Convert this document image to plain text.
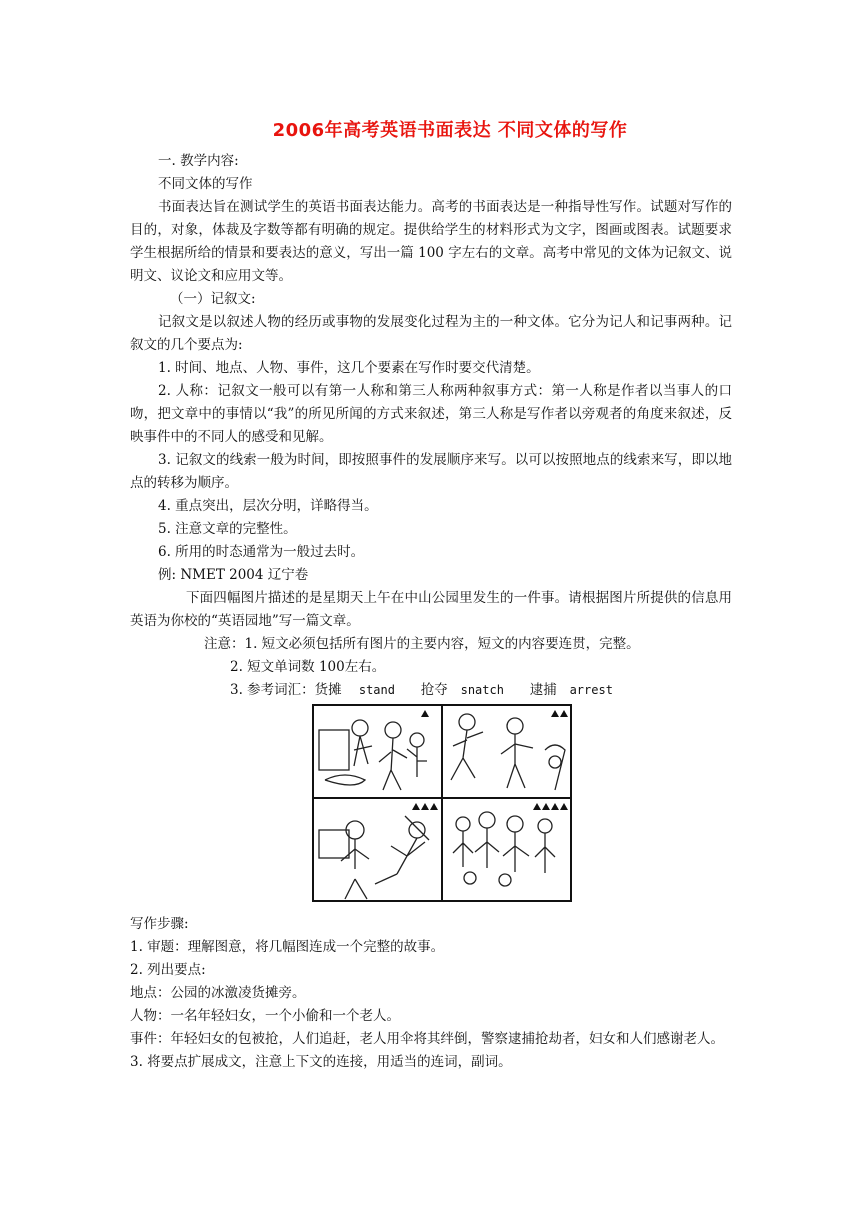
2006年高考英语书面表达 不同文体的写作

一. 教学内容:

不同文体的写作

书面表达旨在测试学生的英语书面表达能力。高考的书面表达是一种指导性写作。试题对写作的目的，对象，体裁及字数等都有明确的规定。提供给学生的材料形式为文字，图画或图表。试题要求学生根据所给的情景和要表达的意义，写出一篇 100 字左右的文章。高考中常见的文体为记叙文、说明文、议论文和应用文等。

（一）记叙文:

记叙文是以叙述人物的经历或事物的发展变化过程为主的一种文体。它分为记人和记事两种。记叙文的几个要点为:

1. 时间、地点、人物、事件，这几个要素在写作时要交代清楚。

2. 人称：记叙文一般可以有第一人称和第三人称两种叙事方式：第一人称是作者以当事人的口吻，把文章中的事情以“我”的所见所闻的方式来叙述，第三人称是写作者以旁观者的角度来叙述，反映事件中的不同人的感受和见解。

3. 记叙文的线索一般为时间，即按照事件的发展顺序来写。以可以按照地点的线索来写，即以地点的转移为顺序。

4. 重点突出，层次分明，详略得当。

5. 注意文章的完整性。

6. 所用的时态通常为一般过去时。

例: NMET 2004 辽宁卷

下面四幅图片描述的是星期天上午在中山公园里发生的一件事。请根据图片所提供的信息用英语为你校的“英语园地”写一篇文章。

注意：1. 短文必须包括所有图片的主要内容，短文的内容要连贯，完整。

2. 短文单词数 100左右。

3. 参考词汇：货摊 stand 抢夺 snatch 逮捕 arrest

写作步骤:

1. 审题：理解图意，将几幅图连成一个完整的故事。

2. 列出要点:

地点：公园的冰激凌货摊旁。

人物：一名年轻妇女，一个小偷和一个老人。

事件：年轻妇女的包被抢，人们追赶，老人用伞将其绊倒，警察逮捕抢劫者，妇女和人们感谢老人。

3. 将要点扩展成文，注意上下文的连接，用适当的连词，副词。
